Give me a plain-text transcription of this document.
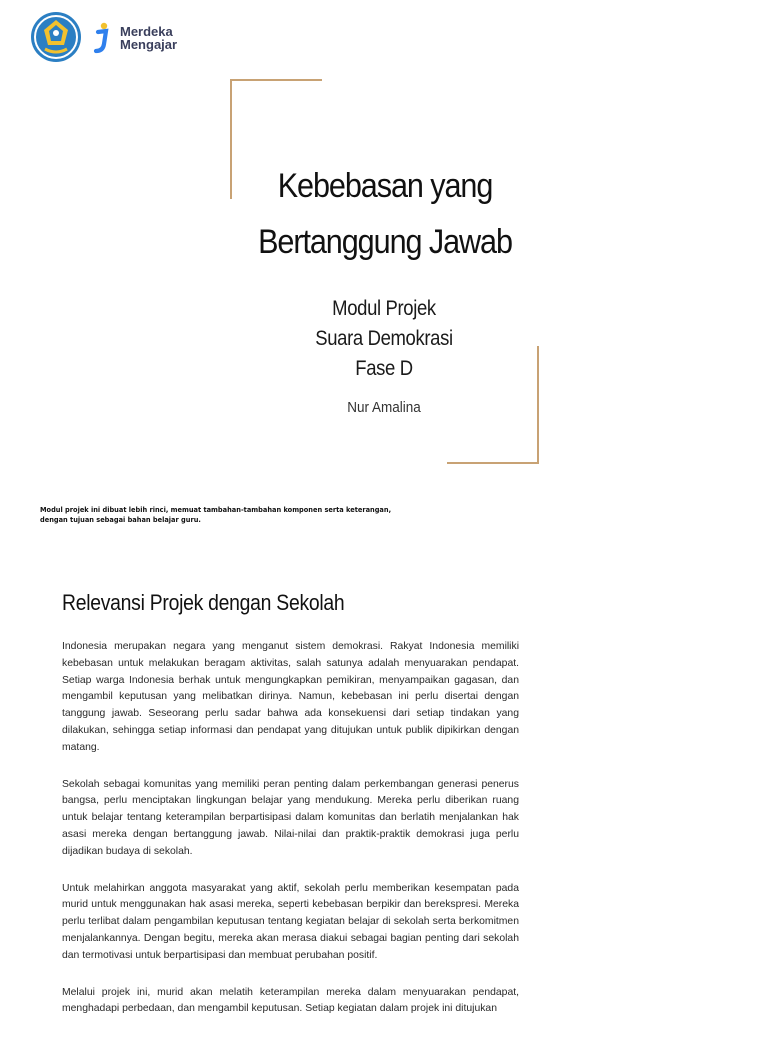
Merdeka
Mengajar
Kebebasan yang
Bertanggung Jawab
Modul Projek
Suara Demokrasi
Fase D
Nur Amalina
Modul projek ini dibuat lebih rinci, memuat tambahan-tambahan komponen serta keterangan, dengan tujuan sebagai bahan belajar guru.
Relevansi Projek dengan Sekolah

Indonesia merupakan negara yang menganut sistem demokrasi. Rakyat Indonesia memiliki kebebasan untuk melakukan beragam aktivitas, salah satunya adalah menyuarakan pendapat. Setiap warga Indonesia berhak untuk mengungkapkan pemikiran, menyampaikan gagasan, dan mengambil keputusan yang melibatkan dirinya. Namun, kebebasan ini perlu disertai dengan tanggung jawab. Seseorang perlu sadar bahwa ada konsekuensi dari setiap tindakan yang dilakukan, sehingga setiap informasi dan pendapat yang ditujukan untuk publik dipikirkan dengan matang.

Sekolah sebagai komunitas yang memiliki peran penting dalam perkembangan generasi penerus bangsa, perlu menciptakan lingkungan belajar yang mendukung. Mereka perlu diberikan ruang untuk belajar tentang keterampilan berpartisipasi dalam komunitas dan berlatih menjalankan hak asasi mereka dengan bertanggung jawab. Nilai-nilai dan praktik-praktik demokrasi juga perlu dijadikan budaya di sekolah.

Untuk melahirkan anggota masyarakat yang aktif, sekolah perlu memberikan kesempatan pada murid untuk menggunakan hak asasi mereka, seperti kebebasan berpikir dan berekspresi. Mereka perlu terlibat dalam pengambilan keputusan tentang kegiatan belajar di sekolah serta berkomitmen menjalankannya. Dengan begitu, mereka akan merasa diakui sebagai bagian penting dari sekolah dan termotivasi untuk berpartisipasi dan membuat perubahan positif.

Melalui projek ini, murid akan melatih keterampilan mereka dalam menyuarakan pendapat, menghadapi perbedaan, dan mengambil keputusan. Setiap kegiatan dalam projek ini ditujukan
